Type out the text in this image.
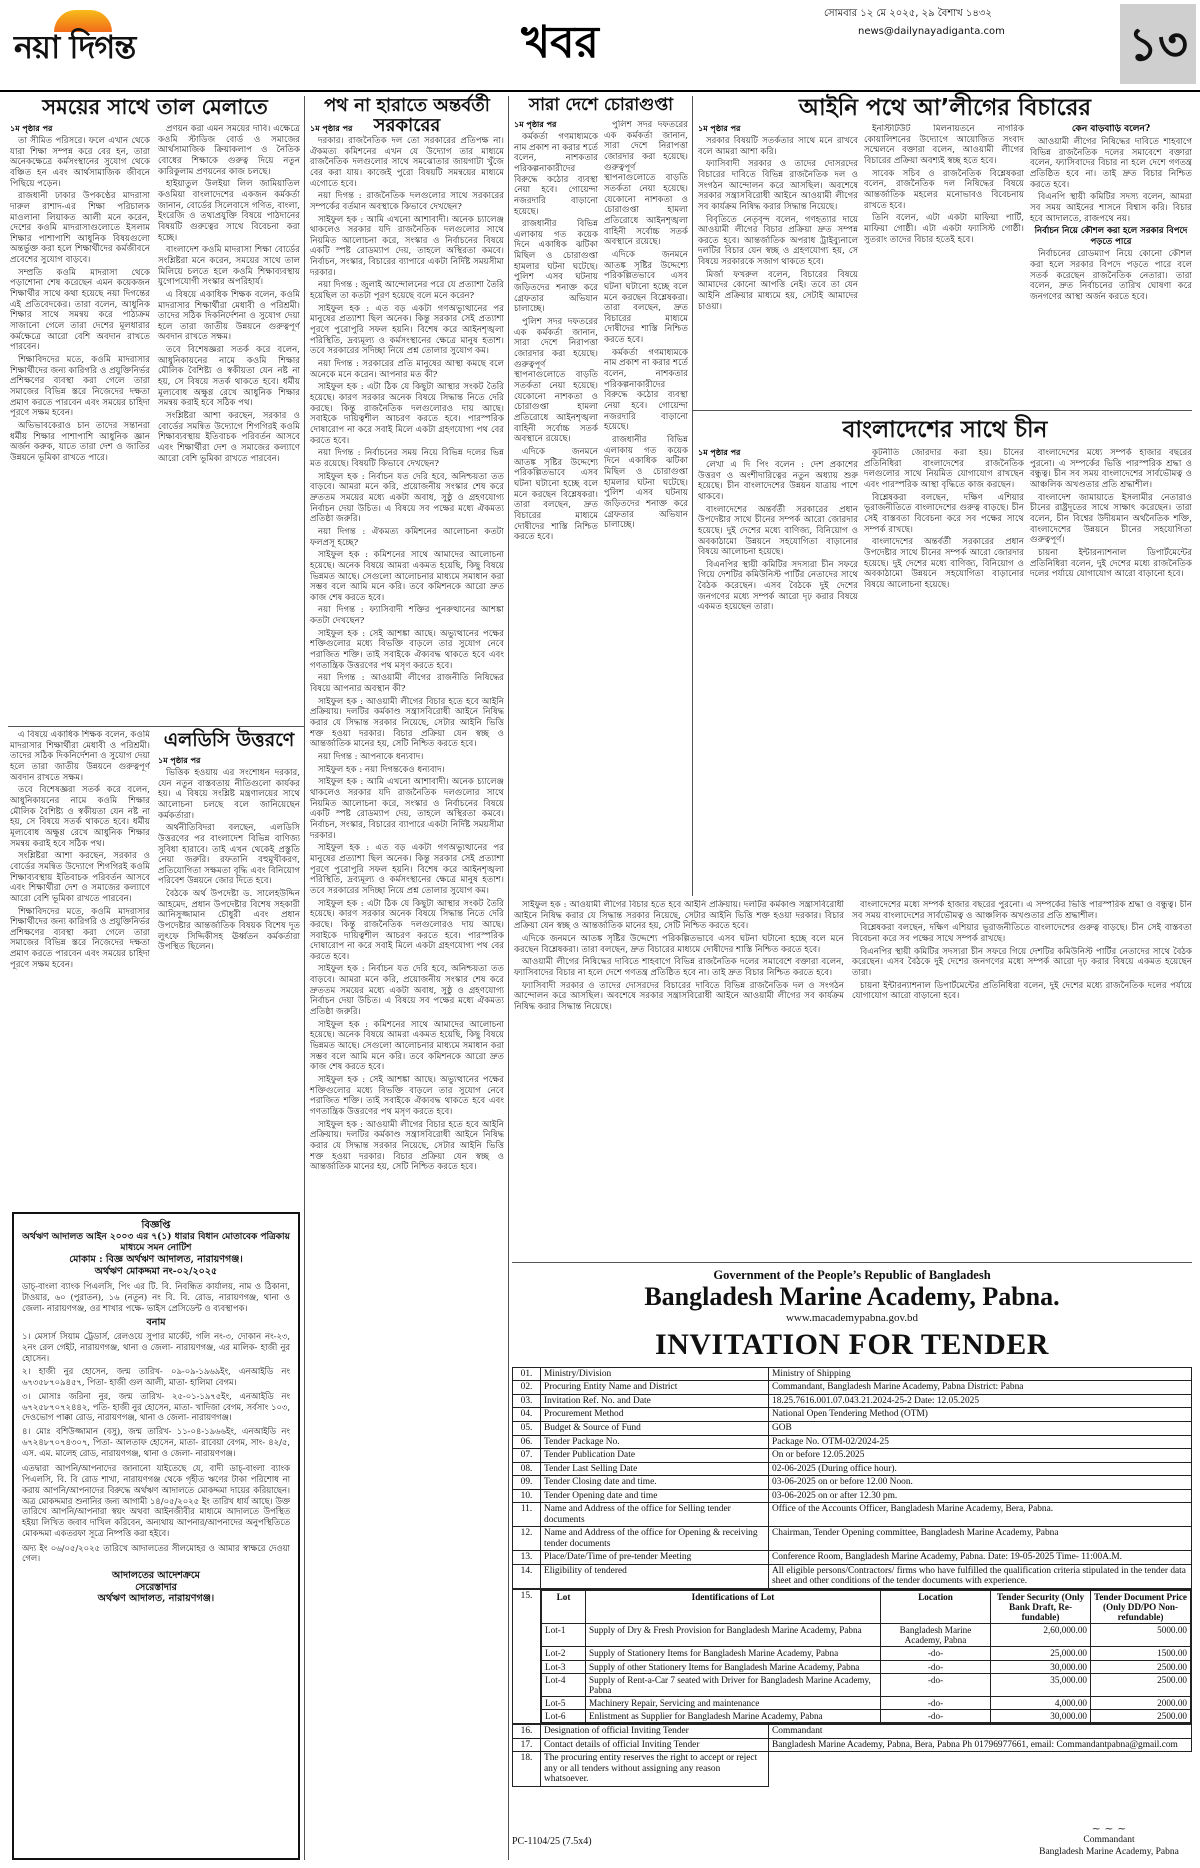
নয়া দিগন্ত	খবর
সোমবার ১২ মে ২০২৫, ২৯ বৈশাখ ১৪৩২
news@dailynayadiganta.com	১৩
সময়ের সাথে তাল মেলাতে
১ম পৃষ্ঠার পর

তা সীমিত পরিসরে। ফলে এখান থেকে যারা শিক্ষা সম্পন্ন করে বের হন, তারা অনেকক্ষেত্রে কর্মসংস্থানের সুযোগ থেকে বঞ্চিত হন এবং আর্থসামাজিক জীবনে পিছিয়ে পড়েন।

রাজধানী ঢাকার উপকণ্ঠের মাদরাসা দারুল রাশাদ-এর শিক্ষা পরিচালক মাওলানা লিয়াকত আলী মনে করেন, দেশের কওমি মাদরাসাগুলোতে ইসলাম শিক্ষার পাশাপাশি আধুনিক বিষয়গুলো অন্তর্ভুক্ত করা হলে শিক্ষার্থীদের কর্মজীবনে প্রবেশের সুযোগ বাড়বে।

সম্প্রতি কওমি মাদরাসা থেকে পড়াশোনা শেষ করেছেন এমন কয়েকজন শিক্ষার্থীর সাথে কথা হয়েছে নয়া দিগন্তের এই প্রতিবেদকের। তারা বলেন, আধুনিক শিক্ষার সাথে সমন্বয় করে পাঠ্যক্রম সাজানো গেলে তারা দেশের মূলধারার কর্মক্ষেত্রে আরো বেশি অবদান রাখতে পারবেন।

শিক্ষাবিদদের মতে, কওমি মাদরাসার শিক্ষার্থীদের জন্য কারিগরি ও প্রযুক্তিনির্ভর প্রশিক্ষণের ব্যবস্থা করা গেলে তারা সমাজের বিভিন্ন স্তরে নিজেদের দক্ষতা প্রমাণ করতে পারবেন এবং সময়ের চাহিদা পূরণে সক্ষম হবেন।

অভিভাবকেরাও চান তাদের সন্তানরা ধর্মীয় শিক্ষার পাশাপাশি আধুনিক জ্ঞান অর্জন করুক, যাতে তারা দেশ ও জাতির উন্নয়নে ভূমিকা রাখতে পারে।

প্রণয়ন করা এমন সময়ের দাবি। এক্ষেত্রে কওমি স্টাডিজ বোর্ড ও সমাজের আর্থসামাজিক ক্রিয়াকলাপ ও নৈতিক বোধের শিক্ষাকে গুরুত্ব দিয়ে নতুন কারিকুলাম প্রণয়নের কাজ চলছে।

হাইয়াতুল উলইয়া লিল জামিয়াতিল কওমিয়া বাংলাদেশের একজন কর্মকর্তা জানান, বোর্ডের সিলেবাসে গণিত, বাংলা, ইংরেজি ও তথ্যপ্রযুক্তি বিষয়ে পাঠদানের বিষয়টি গুরুত্বের সাথে বিবেচনা করা হচ্ছে।

বাংলাদেশ কওমি মাদরাসা শিক্ষা বোর্ডের সংশ্লিষ্টরা মনে করেন, সময়ের সাথে তাল মিলিয়ে চলতে হলে কওমি শিক্ষাব্যবস্থায় যুগোপযোগী সংস্কার অপরিহার্য।

এ বিষয়ে একাধিক শিক্ষক বলেন, কওমি মাদরাসার শিক্ষার্থীরা মেধাবী ও পরিশ্রমী। তাদের সঠিক দিকনির্দেশনা ও সুযোগ দেয়া হলে তারা জাতীয় উন্নয়নে গুরুত্বপূর্ণ অবদান রাখতে সক্ষম।

তবে বিশেষজ্ঞরা সতর্ক করে বলেন, আধুনিকায়নের নামে কওমি শিক্ষার মৌলিক বৈশিষ্ট্য ও স্বকীয়তা যেন নষ্ট না হয়, সে বিষয়ে সতর্ক থাকতে হবে। ধর্মীয় মূল্যবোধ অক্ষুণ্ণ রেখে আধুনিক শিক্ষার সমন্বয় করাই হবে সঠিক পথ।

সংশ্লিষ্টরা আশা করছেন, সরকার ও বোর্ডের সমন্বিত উদ্যোগে শিগগিরই কওমি শিক্ষাব্যবস্থায় ইতিবাচক পরিবর্তন আসবে এবং শিক্ষার্থীরা দেশ ও সমাজের কল্যাণে আরো বেশি ভূমিকা রাখতে পারবেন।

এলডিসি উত্তরণে
১ম পৃষ্ঠার পর

ভিত্তিক হওয়ায় এর সংশোধন দরকার, যেন নতুন বাস্তবতায় নীতিগুলো কার্যকর হয়। এ বিষয়ে সংশ্লিষ্ট মন্ত্রণালয়ের সাথে আলোচনা চলছে বলে জানিয়েছেন কর্মকর্তারা।

অর্থনীতিবিদরা বলছেন, এলডিসি উত্তরণের পর বাংলাদেশ বিভিন্ন বাণিজ্য সুবিধা হারাবে। তাই এখন থেকেই প্রস্তুতি নেয়া জরুরি। রফতানি বহুমুখীকরণ, প্রতিযোগিতা সক্ষমতা বৃদ্ধি এবং বিনিয়োগ পরিবেশ উন্নয়নে জোর দিতে হবে।

বৈঠকে অর্থ উপদেষ্টা ড. সালেহউদ্দিন আহমেদ, প্রধান উপদেষ্টার বিশেষ সহকারী আনিসুজ্জামান চৌধুরী এবং প্রধান উপদেষ্টার আন্তর্জাতিক বিষয়ক বিশেষ দূত লুৎফে সিদ্দিকীসহ ঊর্ধ্বতন কর্মকর্তারা উপস্থিত ছিলেন।

এ বিষয়ে একাধিক শিক্ষক বলেন, কওমি মাদরাসার শিক্ষার্থীরা মেধাবী ও পরিশ্রমী। তাদের সঠিক দিকনির্দেশনা ও সুযোগ দেয়া হলে তারা জাতীয় উন্নয়নে গুরুত্বপূর্ণ অবদান রাখতে সক্ষম।

তবে বিশেষজ্ঞরা সতর্ক করে বলেন, আধুনিকায়নের নামে কওমি শিক্ষার মৌলিক বৈশিষ্ট্য ও স্বকীয়তা যেন নষ্ট না হয়, সে বিষয়ে সতর্ক থাকতে হবে। ধর্মীয় মূল্যবোধ অক্ষুণ্ণ রেখে আধুনিক শিক্ষার সমন্বয় করাই হবে সঠিক পথ।

সংশ্লিষ্টরা আশা করছেন, সরকার ও বোর্ডের সমন্বিত উদ্যোগে শিগগিরই কওমি শিক্ষাব্যবস্থায় ইতিবাচক পরিবর্তন আসবে এবং শিক্ষার্থীরা দেশ ও সমাজের কল্যাণে আরো বেশি ভূমিকা রাখতে পারবেন।

শিক্ষাবিদদের মতে, কওমি মাদরাসার শিক্ষার্থীদের জন্য কারিগরি ও প্রযুক্তিনির্ভর প্রশিক্ষণের ব্যবস্থা করা গেলে তারা সমাজের বিভিন্ন স্তরে নিজেদের দক্ষতা প্রমাণ করতে পারবেন এবং সময়ের চাহিদা পূরণে সক্ষম হবেন।

বিজ্ঞপ্তি
অর্থঋণ আদালত আইন ২০০৩ এর ৭(১) ধারার বিধান মোতাবেক পত্রিকায় মাধ্যমে সমন নোটিশ
মোকাম : বিজ্ঞ অর্থঋণ আদালত, নারায়ণগঞ্জ।
অর্থঋণ মোকদ্দমা নং-০২/২০২৫
ডাচ্-বাংলা ব্যাংক পিএলসি, পিং এর টি. বি. নিবন্ধিত কার্যালয়, নাম ও ঠিকানা, টাওয়ার, ৬০ (পুরাতন), ১৬ (নতুন) নং বি. বি. রোড, নারায়ণগঞ্জ, থানা ও জেলা- নারায়ণগঞ্জ, ওর শাখার পক্ষে- ভাইস প্রেসিডেন্ট ও ব্যবস্থাপক।
বনাম
১। মেসার্স সিয়াম ট্রেডার্স, রেলওয়ে সুপার মার্কেট, গলি নং-৩, দোকান নং-২৩, ২নং রেল গেইট, নারায়ণগঞ্জ, থানা ও জেলা- নারায়ণগঞ্জ, এর মালিক- হাজী নুর হোসেন।
২। হাজী নুর হোসেন, জন্ম তারিখ- ০৯-০৯-১৯৬৯ইং, এনআইডি নং ৬৭৩৫৮৭০৯৪৫৭, পিতা- হাজী গুল আলী, মাতা- হালিমা বেগম।
৩। মোসাঃ জরিনা নুর, জন্ম তারিখ- ২৫-০১-১৯৭৫ইং, এনআইডি নং ৬৭২৫৮৭০৭২৪৪২, পতি- হাজী নুর হোসেন, মাতা- খাদিজা বেগম, সর্বসাং ১০৩, দেওভোগ পাক্কা রোড, নারায়ণগঞ্জ, থানা ও জেলা- নারায়ণগঞ্জ।
৪। মোঃ বশিউজ্জামান (বসু), জন্ম তারিখ- ১১-০৪-১৯৬৬ইং, এনআইডি নং ৬৭২৪৮৭০৭৪৩০৭, পিতা- আলতাফ হোসেন, মাতা- রাবেয়া বেগম, সাং- ৪২/৫, এস. এম. মালেহ রোড, নারায়ণগঞ্জ, থানা ও জেলা- নারায়ণগঞ্জ।
এতদ্বারা আপনি/আপনাদের জানানো যাইতেছে যে, বাদী ডাচ্-বাংলা ব্যাংক পিএলসি, বি. বি রোড শাখা, নারায়ণগঞ্জ থেকে গৃহীত ঋণের টাকা পরিশোধ না করায় আপনি/আপনাদের বিরুদ্ধে অর্থঋণ আদালতে মোকদ্দমা দায়ের করিয়াছেন। অত্র মোকদ্দমার শুনানির জন্য আগামী ১৪/০৫/২০২৫ ইং তারিখ ধার্য আছে। উক্ত তারিখে আপনি/আপনারা স্বয়ং অথবা আইনজীবীর মাধ্যমে আদালতে উপস্থিত হইয়া লিখিত জবাব দাখিল করিবেন, অন্যথায় আপনার/আপনাদের অনুপস্থিতিতে মোকদ্দমা একতরফা সূত্রে নিষ্পত্তি করা হইবে।
অদ্য ইং ০৬/০৫/২০২৫ তারিখে আদালতের সীলমোহর ও আমার স্বাক্ষরে দেওয়া গেল।
আদালতের আদেশক্রমে
সেরেস্তাদার
অর্থঋণ আদালত, নারায়ণগঞ্জ।
পথ না হারাতে অন্তর্বর্তী সরকারের
১ম পৃষ্ঠার পর

দরকার। রাজনৈতিক দল তো সরকারের প্রতিপক্ষ না। ঐকমত্য কমিশনের এখন যে উদ্যোগ তার মাধ্যমে রাজনৈতিক দলগুলোর সাথে সমঝোতার জায়গাটা খুঁজে বের করা যায়। কাজেই পুরো বিষয়টি সমন্বয়ের মাধ্যমে এগোতে হবে।

নয়া দিগন্ত : রাজনৈতিক দলগুলোর সাথে সরকারের সম্পর্কের বর্তমান অবস্থাকে কিভাবে দেখছেন?

সাইফুল হক : আমি এখনো আশাবাদী। অনেক চ্যালেঞ্জ থাকলেও সরকার যদি রাজনৈতিক দলগুলোর সাথে নিয়মিত আলোচনা করে, সংস্কার ও নির্বাচনের বিষয়ে একটি স্পষ্ট রোডম্যাপ দেয়, তাহলে অস্থিরতা কমবে। নির্বাচন, সংস্কার, বিচারের ব্যাপারে একটা নির্দিষ্ট সময়সীমা দরকার।

নয়া দিগন্ত : জুলাই আন্দোলনের পরে যে প্রত্যাশা তৈরি হয়েছিল তা কতটা পূরণ হয়েছে বলে মনে করেন?

সাইফুল হক : এত বড় একটা গণঅভ্যুত্থানের পর মানুষের প্রত্যাশা ছিল অনেক। কিন্তু সরকার সেই প্রত্যাশা পূরণে পুরোপুরি সফল হয়নি। বিশেষ করে আইনশৃঙ্খলা পরিস্থিতি, দ্রব্যমূল্য ও কর্মসংস্থানের ক্ষেত্রে মানুষ হতাশ। তবে সরকারের সদিচ্ছা নিয়ে প্রশ্ন তোলার সুযোগ কম।

নয়া দিগন্ত : সরকারের প্রতি মানুষের আস্থা কমছে বলে অনেকে মনে করেন। আপনার মত কী?

সাইফুল হক : এটা ঠিক যে কিছুটা আস্থার সংকট তৈরি হয়েছে। কারণ সরকার অনেক বিষয়ে সিদ্ধান্ত নিতে দেরি করছে। কিন্তু রাজনৈতিক দলগুলোরও দায় আছে। সবাইকে দায়িত্বশীল আচরণ করতে হবে। পারস্পরিক দোষারোপ না করে সবাই মিলে একটা গ্রহণযোগ্য পথ বের করতে হবে।

নয়া দিগন্ত : নির্বাচনের সময় নিয়ে বিভিন্ন দলের ভিন্ন মত রয়েছে। বিষয়টি কিভাবে দেখছেন?

সাইফুল হক : নির্বাচন যত দেরি হবে, অনিশ্চয়তা তত বাড়বে। আমরা মনে করি, প্রয়োজনীয় সংস্কার শেষ করে দ্রুততম সময়ের মধ্যে একটা অবাধ, সুষ্ঠু ও গ্রহণযোগ্য নির্বাচন দেয়া উচিত। এ বিষয়ে সব পক্ষের মধ্যে ঐকমত্য প্রতিষ্ঠা জরুরি।

নয়া দিগন্ত : ঐকমত্য কমিশনের আলোচনা কতটা ফলপ্রসূ হচ্ছে?

সাইফুল হক : কমিশনের সাথে আমাদের আলোচনা হয়েছে। অনেক বিষয়ে আমরা একমত হয়েছি, কিছু বিষয়ে ভিন্নমত আছে। সেগুলো আলোচনার মাধ্যমে সমাধান করা সম্ভব বলে আমি মনে করি। তবে কমিশনকে আরো দ্রুত কাজ শেষ করতে হবে।

নয়া দিগন্ত : ফ্যাসিবাদী শক্তির পুনরুত্থানের আশঙ্কা কতটা দেখছেন?

সাইফুল হক : সেই আশঙ্কা আছে। অভ্যুত্থানের পক্ষের শক্তিগুলোর মধ্যে বিভক্তি বাড়লে তার সুযোগ নেবে পরাজিত শক্তি। তাই সবাইকে ঐক্যবদ্ধ থাকতে হবে এবং গণতান্ত্রিক উত্তরণের পথ মসৃণ করতে হবে।

নয়া দিগন্ত : আওয়ামী লীগের রাজনীতি নিষিদ্ধের বিষয়ে আপনার অবস্থান কী?

সাইফুল হক : আওয়ামী লীগের বিচার হতে হবে আইনি প্রক্রিয়ায়। দলটির কর্মকাণ্ড সন্ত্রাসবিরোধী আইনে নিষিদ্ধ করার যে সিদ্ধান্ত সরকার নিয়েছে, সেটার আইনি ভিত্তি শক্ত হওয়া দরকার। বিচার প্রক্রিয়া যেন স্বচ্ছ ও আন্তর্জাতিক মানের হয়, সেটি নিশ্চিত করতে হবে।

নয়া দিগন্ত : আপনাকে ধন্যবাদ।

সাইফুল হক : নয়া দিগন্তকেও ধন্যবাদ।

সাইফুল হক : আমি এখনো আশাবাদী। অনেক চ্যালেঞ্জ থাকলেও সরকার যদি রাজনৈতিক দলগুলোর সাথে নিয়মিত আলোচনা করে, সংস্কার ও নির্বাচনের বিষয়ে একটি স্পষ্ট রোডম্যাপ দেয়, তাহলে অস্থিরতা কমবে। নির্বাচন, সংস্কার, বিচারের ব্যাপারে একটা নির্দিষ্ট সময়সীমা দরকার।

সাইফুল হক : এত বড় একটা গণঅভ্যুত্থানের পর মানুষের প্রত্যাশা ছিল অনেক। কিন্তু সরকার সেই প্রত্যাশা পূরণে পুরোপুরি সফল হয়নি। বিশেষ করে আইনশৃঙ্খলা পরিস্থিতি, দ্রব্যমূল্য ও কর্মসংস্থানের ক্ষেত্রে মানুষ হতাশ। তবে সরকারের সদিচ্ছা নিয়ে প্রশ্ন তোলার সুযোগ কম।

সাইফুল হক : এটা ঠিক যে কিছুটা আস্থার সংকট তৈরি হয়েছে। কারণ সরকার অনেক বিষয়ে সিদ্ধান্ত নিতে দেরি করছে। কিন্তু রাজনৈতিক দলগুলোরও দায় আছে। সবাইকে দায়িত্বশীল আচরণ করতে হবে। পারস্পরিক দোষারোপ না করে সবাই মিলে একটা গ্রহণযোগ্য পথ বের করতে হবে।

সাইফুল হক : নির্বাচন যত দেরি হবে, অনিশ্চয়তা তত বাড়বে। আমরা মনে করি, প্রয়োজনীয় সংস্কার শেষ করে দ্রুততম সময়ের মধ্যে একটা অবাধ, সুষ্ঠু ও গ্রহণযোগ্য নির্বাচন দেয়া উচিত। এ বিষয়ে সব পক্ষের মধ্যে ঐকমত্য প্রতিষ্ঠা জরুরি।

সাইফুল হক : কমিশনের সাথে আমাদের আলোচনা হয়েছে। অনেক বিষয়ে আমরা একমত হয়েছি, কিছু বিষয়ে ভিন্নমত আছে। সেগুলো আলোচনার মাধ্যমে সমাধান করা সম্ভব বলে আমি মনে করি। তবে কমিশনকে আরো দ্রুত কাজ শেষ করতে হবে।

সাইফুল হক : সেই আশঙ্কা আছে। অভ্যুত্থানের পক্ষের শক্তিগুলোর মধ্যে বিভক্তি বাড়লে তার সুযোগ নেবে পরাজিত শক্তি। তাই সবাইকে ঐক্যবদ্ধ থাকতে হবে এবং গণতান্ত্রিক উত্তরণের পথ মসৃণ করতে হবে।

সাইফুল হক : আওয়ামী লীগের বিচার হতে হবে আইনি প্রক্রিয়ায়। দলটির কর্মকাণ্ড সন্ত্রাসবিরোধী আইনে নিষিদ্ধ করার যে সিদ্ধান্ত সরকার নিয়েছে, সেটার আইনি ভিত্তি শক্ত হওয়া দরকার। বিচার প্রক্রিয়া যেন স্বচ্ছ ও আন্তর্জাতিক মানের হয়, সেটি নিশ্চিত করতে হবে।

সারা দেশে চোরাগুপ্তা
১ম পৃষ্ঠার পর

কর্মকর্তা গণমাধ্যমকে নাম প্রকাশ না করার শর্তে বলেন, নাশকতার পরিকল্পনাকারীদের বিরুদ্ধে কঠোর ব্যবস্থা নেয়া হবে। গোয়েন্দা নজরদারি বাড়ানো হয়েছে।

রাজধানীর বিভিন্ন এলাকায় গত কয়েক দিনে একাধিক ঝটিকা মিছিল ও চোরাগুপ্তা হামলার ঘটনা ঘটেছে। পুলিশ এসব ঘটনায় জড়িতদের শনাক্ত করে গ্রেফতার অভিযান চালাচ্ছে।

পুলিশ সদর দফতরের এক কর্মকর্তা জানান, সারা দেশে নিরাপত্তা জোরদার করা হয়েছে। গুরুত্বপূর্ণ স্থাপনাগুলোতে বাড়তি সতর্কতা নেয়া হয়েছে। যেকোনো নাশকতা ও চোরাগুপ্তা হামলা প্রতিরোধে আইনশৃঙ্খলা বাহিনী সর্বোচ্চ সতর্ক অবস্থানে রয়েছে।

এদিকে জনমনে আতঙ্ক সৃষ্টির উদ্দেশ্যে পরিকল্পিতভাবে এসব ঘটনা ঘটানো হচ্ছে বলে মনে করছেন বিশ্লেষকরা। তারা বলছেন, দ্রুত বিচারের মাধ্যমে দোষীদের শাস্তি নিশ্চিত করতে হবে।

পুলিশ সদর দফতরের এক কর্মকর্তা জানান, সারা দেশে নিরাপত্তা জোরদার করা হয়েছে। গুরুত্বপূর্ণ স্থাপনাগুলোতে বাড়তি সতর্কতা নেয়া হয়েছে। যেকোনো নাশকতা ও চোরাগুপ্তা হামলা প্রতিরোধে আইনশৃঙ্খলা বাহিনী সর্বোচ্চ সতর্ক অবস্থানে রয়েছে।

এদিকে জনমনে আতঙ্ক সৃষ্টির উদ্দেশ্যে পরিকল্পিতভাবে এসব ঘটনা ঘটানো হচ্ছে বলে মনে করছেন বিশ্লেষকরা। তারা বলছেন, দ্রুত বিচারের মাধ্যমে দোষীদের শাস্তি নিশ্চিত করতে হবে।

কর্মকর্তা গণমাধ্যমকে নাম প্রকাশ না করার শর্তে বলেন, নাশকতার পরিকল্পনাকারীদের বিরুদ্ধে কঠোর ব্যবস্থা নেয়া হবে। গোয়েন্দা নজরদারি বাড়ানো হয়েছে।

রাজধানীর বিভিন্ন এলাকায় গত কয়েক দিনে একাধিক ঝটিকা মিছিল ও চোরাগুপ্তা হামলার ঘটনা ঘটেছে। পুলিশ এসব ঘটনায় জড়িতদের শনাক্ত করে গ্রেফতার অভিযান চালাচ্ছে।

আইনি পথে আ’লীগের বিচারের
১ম পৃষ্ঠার পর

সরকার বিষয়টি সতর্কতার সাথে মনে রাখবে বলে আমরা আশা করি।

ফ্যাসিবাদী সরকার ও তাদের দোসরদের বিচারের দাবিতে বিভিন্ন রাজনৈতিক দল ও সংগঠন আন্দোলন করে আসছিল। অবশেষে সরকার সন্ত্রাসবিরোধী আইনে আওয়ামী লীগের সব কার্যক্রম নিষিদ্ধ করার সিদ্ধান্ত নিয়েছে।

বিবৃতিতে নেতৃবৃন্দ বলেন, গণহত্যার দায়ে আওয়ামী লীগের বিচার প্রক্রিয়া দ্রুত সম্পন্ন করতে হবে। আন্তর্জাতিক অপরাধ ট্রাইব্যুনালে দলটির বিচার যেন স্বচ্ছ ও গ্রহণযোগ্য হয়, সে বিষয়ে সরকারকে সজাগ থাকতে হবে।

মির্জা ফখরুল বলেন, বিচারের বিষয়ে আমাদের কোনো আপত্তি নেই। তবে তা যেন আইনি প্রক্রিয়ার মাধ্যমে হয়, সেটাই আমাদের চাওয়া।

ইনস্টিটিউট মিলনায়তনে নাগরিক কোয়ালিশনের উদ্যোগে আয়োজিত সংবাদ সম্মেলনে বক্তারা বলেন, আওয়ামী লীগের বিচারের প্রক্রিয়া অবশ্যই স্বচ্ছ হতে হবে।

সাবেক সচিব ও রাজনৈতিক বিশ্লেষকরা বলেন, রাজনৈতিক দল নিষিদ্ধের বিষয়ে আন্তর্জাতিক মহলের মনোভাবও বিবেচনায় রাখতে হবে।

তিনি বলেন, এটা একটা মাফিয়া পার্টি, মাফিয়া গোষ্ঠী। এটা একটা ফ্যাসিস্ট গোষ্ঠী। সুতরাং তাদের বিচার হতেই হবে।

কেন বাড়বাড়ি বলেন?

আওয়ামী লীগের নিষিদ্ধের দাবিতে শাহবাগে বিভিন্ন রাজনৈতিক দলের সমাবেশে বক্তারা বলেন, ফ্যাসিবাদের বিচার না হলে দেশে গণতন্ত্র প্রতিষ্ঠিত হবে না। তাই দ্রুত বিচার নিশ্চিত করতে হবে।

বিএনপি স্থায়ী কমিটির সদস্য বলেন, আমরা সব সময় আইনের শাসনে বিশ্বাস করি। বিচার হবে আদালতে, রাজপথে নয়।

নির্বাচন নিয়ে কৌশল করা হলে সরকার বিপদে পড়তে পারে

নির্বাচনের রোডম্যাপ নিয়ে কোনো কৌশল করা হলে সরকার বিপদে পড়তে পারে বলে সতর্ক করেছেন রাজনৈতিক নেতারা। তারা বলেন, দ্রুত নির্বাচনের তারিখ ঘোষণা করে জনগণের আস্থা অর্জন করতে হবে।

বাংলাদেশের সাথে চীন
১ম পৃষ্ঠার পর

লেখা এ দি পিং বলেন : দেশ প্রকাশের উত্তরণ ও অংশীদারিত্বের নতুন অধ্যায় শুরু হয়েছে। চীন বাংলাদেশের উন্নয়ন যাত্রায় পাশে থাকবে।

বাংলাদেশের অন্তর্বর্তী সরকারের প্রধান উপদেষ্টার সাথে চীনের সম্পর্ক আরো জোরদার হয়েছে। দুই দেশের মধ্যে বাণিজ্য, বিনিয়োগ ও অবকাঠামো উন্নয়নে সহযোগিতা বাড়ানোর বিষয়ে আলোচনা হয়েছে।

বিএনপির স্থায়ী কমিটির সদস্যরা চীন সফরে গিয়ে দেশটির কমিউনিস্ট পার্টির নেতাদের সাথে বৈঠক করেছেন। এসব বৈঠকে দুই দেশের জনগণের মধ্যে সম্পর্ক আরো দৃঢ় করার বিষয়ে একমত হয়েছেন তারা।

কূটনীতি জোরদার করা হয়। চীনের প্রতিনিধিরা বাংলাদেশের রাজনৈতিক দলগুলোর সাথে নিয়মিত যোগাযোগ রাখছেন এবং পারস্পরিক আস্থা বৃদ্ধিতে কাজ করছেন।

বিশ্লেষকরা বলছেন, দক্ষিণ এশিয়ার ভূরাজনীতিতে বাংলাদেশের গুরুত্ব বাড়ছে। চীন সেই বাস্তবতা বিবেচনা করে সব পক্ষের সাথে সম্পর্ক রাখছে।

বাংলাদেশের অন্তর্বর্তী সরকারের প্রধান উপদেষ্টার সাথে চীনের সম্পর্ক আরো জোরদার হয়েছে। দুই দেশের মধ্যে বাণিজ্য, বিনিয়োগ ও অবকাঠামো উন্নয়নে সহযোগিতা বাড়ানোর বিষয়ে আলোচনা হয়েছে।

বাংলাদেশের মধ্যে সম্পর্ক হাজার বছরের পুরনো। এ সম্পর্কের ভিত্তি পারস্পরিক শ্রদ্ধা ও বন্ধুত্ব। চীন সব সময় বাংলাদেশের সার্বভৌমত্ব ও আঞ্চলিক অখণ্ডতার প্রতি শ্রদ্ধাশীল।

বাংলাদেশ জামায়াতে ইসলামীর নেতারাও চীনের রাষ্ট্রদূতের সাথে সাক্ষাৎ করেছেন। তারা বলেন, চীন বিশ্বের উদীয়মান অর্থনৈতিক শক্তি, বাংলাদেশের উন্নয়নে চীনের সহযোগিতা গুরুত্বপূর্ণ।

চায়না ইন্টারন্যাশনাল ডিপার্টমেন্টের প্রতিনিধিরা বলেন, দুই দেশের মধ্যে রাজনৈতিক দলের পর্যায়ে যোগাযোগ আরো বাড়ানো হবে।

সাইফুল হক : আওয়ামী লীগের বিচার হতে হবে আইনি প্রক্রিয়ায়। দলটির কর্মকাণ্ড সন্ত্রাসবিরোধী আইনে নিষিদ্ধ করার যে সিদ্ধান্ত সরকার নিয়েছে, সেটার আইনি ভিত্তি শক্ত হওয়া দরকার। বিচার প্রক্রিয়া যেন স্বচ্ছ ও আন্তর্জাতিক মানের হয়, সেটি নিশ্চিত করতে হবে।

এদিকে জনমনে আতঙ্ক সৃষ্টির উদ্দেশ্যে পরিকল্পিতভাবে এসব ঘটনা ঘটানো হচ্ছে বলে মনে করছেন বিশ্লেষকরা। তারা বলছেন, দ্রুত বিচারের মাধ্যমে দোষীদের শাস্তি নিশ্চিত করতে হবে।

আওয়ামী লীগের নিষিদ্ধের দাবিতে শাহবাগে বিভিন্ন রাজনৈতিক দলের সমাবেশে বক্তারা বলেন, ফ্যাসিবাদের বিচার না হলে দেশে গণতন্ত্র প্রতিষ্ঠিত হবে না। তাই দ্রুত বিচার নিশ্চিত করতে হবে।

ফ্যাসিবাদী সরকার ও তাদের দোসরদের বিচারের দাবিতে বিভিন্ন রাজনৈতিক দল ও সংগঠন আন্দোলন করে আসছিল। অবশেষে সরকার সন্ত্রাসবিরোধী আইনে আওয়ামী লীগের সব কার্যক্রম নিষিদ্ধ করার সিদ্ধান্ত নিয়েছে।

বাংলাদেশের মধ্যে সম্পর্ক হাজার বছরের পুরনো। এ সম্পর্কের ভিত্তি পারস্পরিক শ্রদ্ধা ও বন্ধুত্ব। চীন সব সময় বাংলাদেশের সার্বভৌমত্ব ও আঞ্চলিক অখণ্ডতার প্রতি শ্রদ্ধাশীল।

বিশ্লেষকরা বলছেন, দক্ষিণ এশিয়ার ভূরাজনীতিতে বাংলাদেশের গুরুত্ব বাড়ছে। চীন সেই বাস্তবতা বিবেচনা করে সব পক্ষের সাথে সম্পর্ক রাখছে।

বিএনপির স্থায়ী কমিটির সদস্যরা চীন সফরে গিয়ে দেশটির কমিউনিস্ট পার্টির নেতাদের সাথে বৈঠক করেছেন। এসব বৈঠকে দুই দেশের জনগণের মধ্যে সম্পর্ক আরো দৃঢ় করার বিষয়ে একমত হয়েছেন তারা।

চায়না ইন্টারন্যাশনাল ডিপার্টমেন্টের প্রতিনিধিরা বলেন, দুই দেশের মধ্যে রাজনৈতিক দলের পর্যায়ে যোগাযোগ আরো বাড়ানো হবে।

Government of the People’s Republic of Bangladesh
Bangladesh Marine Academy, Pabna.
www.macademypabna.gov.bd
INVITATION FOR TENDER
01.	Ministry/Division	Ministry of Shipping
02.	Procuring Entity Name and District	Commandant, Bangladesh Marine Academy, Pabna District: Pabna
03.	Invitation Ref. No. and Date	18.25.7616.001.07.043.21.2024-25-2 Date: 12.05.2025
04.	Procurement Method	National Open Tendering Method (OTM)
05.	Budget & Source of Fund	GOB
06.	Tender Package No.	Package No. OTM-02/2024-25
07.	Tender Publication Date	On or before 12.05.2025
08.	Tender Last Selling Date	02-06-2025 (During office hour).
09.	Tender Closing date and time.	03-06-2025 on or before 12.00 Noon.
10.	Tender Opening date and time	03-06-2025 on or after 12.30 pm.
11.	Name and Address of the office for Selling tender documents	Office of the Accounts Officer, Bangladesh Marine Academy, Bera, Pabna.
12.	Name and Address of the office for Opening & receiving tender documents	Chairman, Tender Opening committee, Bangladesh Marine Academy, Pabna
13.	Place/Date/Time of pre-tender Meeting	Conference Room, Bangladesh Marine Academy, Pabna. Date: 19-05-2025 Time- 11:00A.M.
14.	Eligibility of tendered	All eligible persons/Contractors/ firms who have fulfilled the qualification criteria stipulated in the tender data sheet and other conditions of the tender documents with experience.
15.		Lot	Identifications of Lot	Location	Tender Security (Only Bank Draft, Re-fundable)	Tender Document Price (Only DD/PO Non-refundable)
Lot-1	Supply of Dry & Fresh Provision for Bangladesh Marine Academy, Pabna	Bangladesh Marine Academy, Pabna	2,60,000.00	5000.00
Lot-2	Supply of Stationery Items for Bangladesh Marine Academy, Pabna	-do-	25,000.00	1500.00
Lot-3	Supply of other Stationery Items for Bangladesh Marine Academy, Pabna	-do-	30,000.00	2500.00
Lot-4	Supply of Rent-a-Car 7 seated with Driver for Bangladesh Marine Academy, Pabna	-do-	35,000.00	2500.00
Lot-5	Machinery Repair, Servicing and maintenance	-do-	4,000.00	2000.00
Lot-6	Enlistment as Supplier for Bangladesh Marine Academy, Pabna	-do-	30,000.00	2500.00
16.	Designation of official Inviting Tender	Commandant
17.	Contact details of official Inviting Tender	Bangladesh Marine Academy, Pabna, Bera, Pabna Ph 01796977661, email: Commandantpabna@gmail.com
18.	The procuring entity reserves the right to accept or reject any or all tenders without assigning any reason whatsoever.	
~ ~ ~
Commandant
Bangladesh Marine Academy, Pabna
PC-1104/25 (7.5x4)
